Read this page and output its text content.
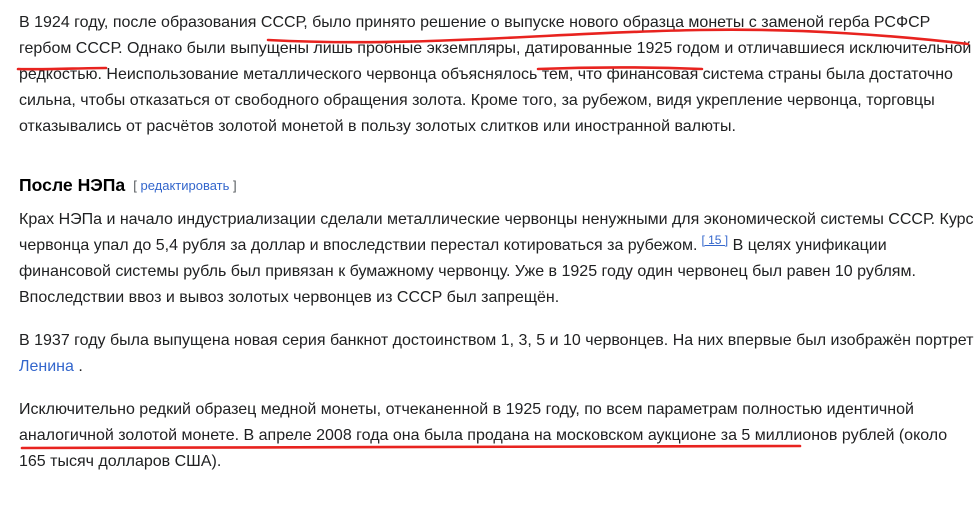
В 1924 году, после образования СССР, было принято решение о выпуске нового образца монеты с заменой герба РСФСР гербом СССР. Однако были выпущены лишь пробные экземпляры, датированные 1925 годом и отличавшиеся исключительной редкостью. Неиспользование металлического червонца объяснялось тем, что финансовая система страны была достаточно сильна, чтобы отказаться от свободного обращения золота. Кроме того, за рубежом, видя укрепление червонца, торговцы отказывались от расчётов золотой монетой в пользу золотых слитков или иностранной валюты.

После НЭПа [ редактировать ]

Крах НЭПа и начало индустриализации сделали металлические червонцы ненужными для экономической системы СССР. Курс червонца упал до 5,4 рубля за доллар и впоследствии перестал котироваться за рубежом. [ 15 ] В целях унификации финансовой системы рубль был привязан к бумажному червонцу. Уже в 1925 году один червонец был равен 10 рублям. Впоследствии ввоз и вывоз золотых червонцев из СССР был запрещён.

В 1937 году была выпущена новая серия банкнот достоинством 1, 3, 5 и 10 червонцев. На них впервые был изображён портрет Ленина .

Исключительно редкий образец медной монеты, отчеканенной в 1925 году, по всем параметрам полностью идентичной аналогичной золотой монете. В апреле 2008 года она была продана на московском аукционе за 5 миллионов рублей (около 165 тысяч долларов США).
